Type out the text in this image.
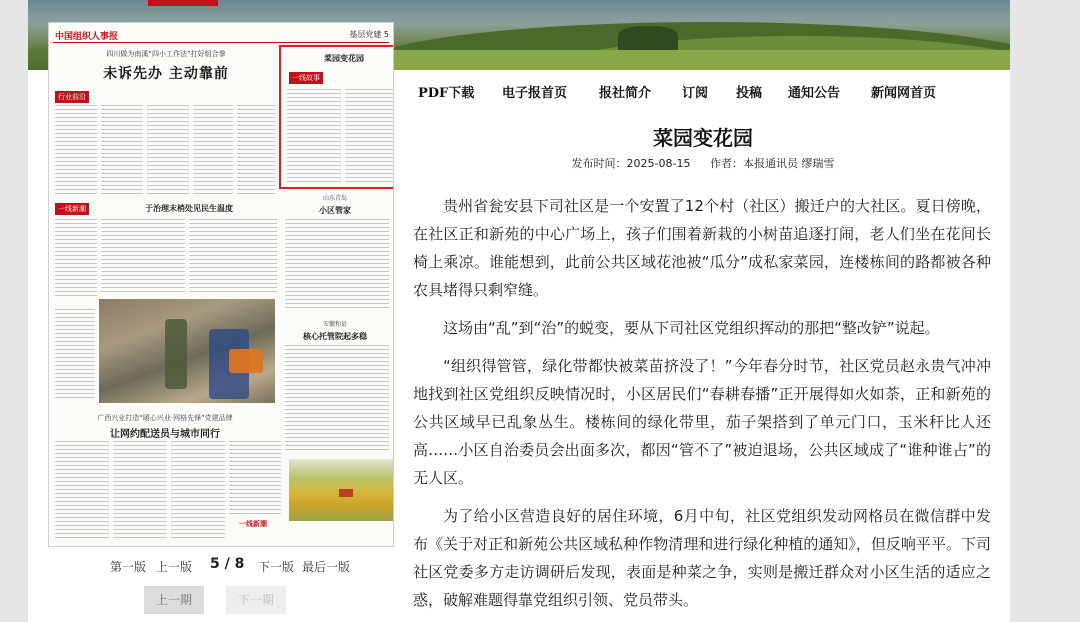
中国组织人事报	基层党建 5
四川做为南溪“四小工作法”打好组合拳
未诉先办 主动靠前
行业前沿
一线新潮	于治理末梢处见民生温度
山东青岛
小区管家
安徽和县
核心托管院起多稳
广西兴业打造“暖心兴业·网格先锋”党建品牌
让网约配送员与城市同行
一线新潮
菜园变花园
一线故事
第一版 上一版 5 / 8 下一版 最后一版
上一期	下一期
PDF下载 电子报首页 报社简介 订阅 投稿 通知公告 新闻网首页
菜园变花园
发布时间：2025-08-15 作者：本报通讯员 缪瑞雪

贵州省瓮安县下司社区是一个安置了12个村（社区）搬迁户的大社区。夏日傍晚，在社区正和新苑的中心广场上，孩子们围着新栽的小树苗追逐打闹，老人们坐在花间长椅上乘凉。谁能想到，此前公共区域花池被“瓜分”成私家菜园，连楼栋间的路都被各种农具堵得只剩窄缝。

这场由“乱”到“治”的蜕变，要从下司社区党组织挥动的那把“整改铲”说起。

“组织得管管，绿化带都快被菜苗挤没了！”今年春分时节，社区党员赵永贵气冲冲地找到社区党组织反映情况时，小区居民们“春耕春播”正开展得如火如荼，正和新苑的公共区域早已乱象丛生。楼栋间的绿化带里，茄子架搭到了单元门口，玉米秆比人还高……小区自治委员会出面多次，都因“管不了”被迫退场，公共区域成了“谁种谁占”的无人区。

为了给小区营造良好的居住环境，6月中旬，社区党组织发动网格员在微信群中发布《关于对正和新苑公共区域私种作物清理和进行绿化种植的通知》，但反响平平。下司社区党委多方走访调研后发现，表面是种菜之争，实则是搬迁群众对小区生活的适应之惑，破解难题得靠党组织引领、党员带头。
